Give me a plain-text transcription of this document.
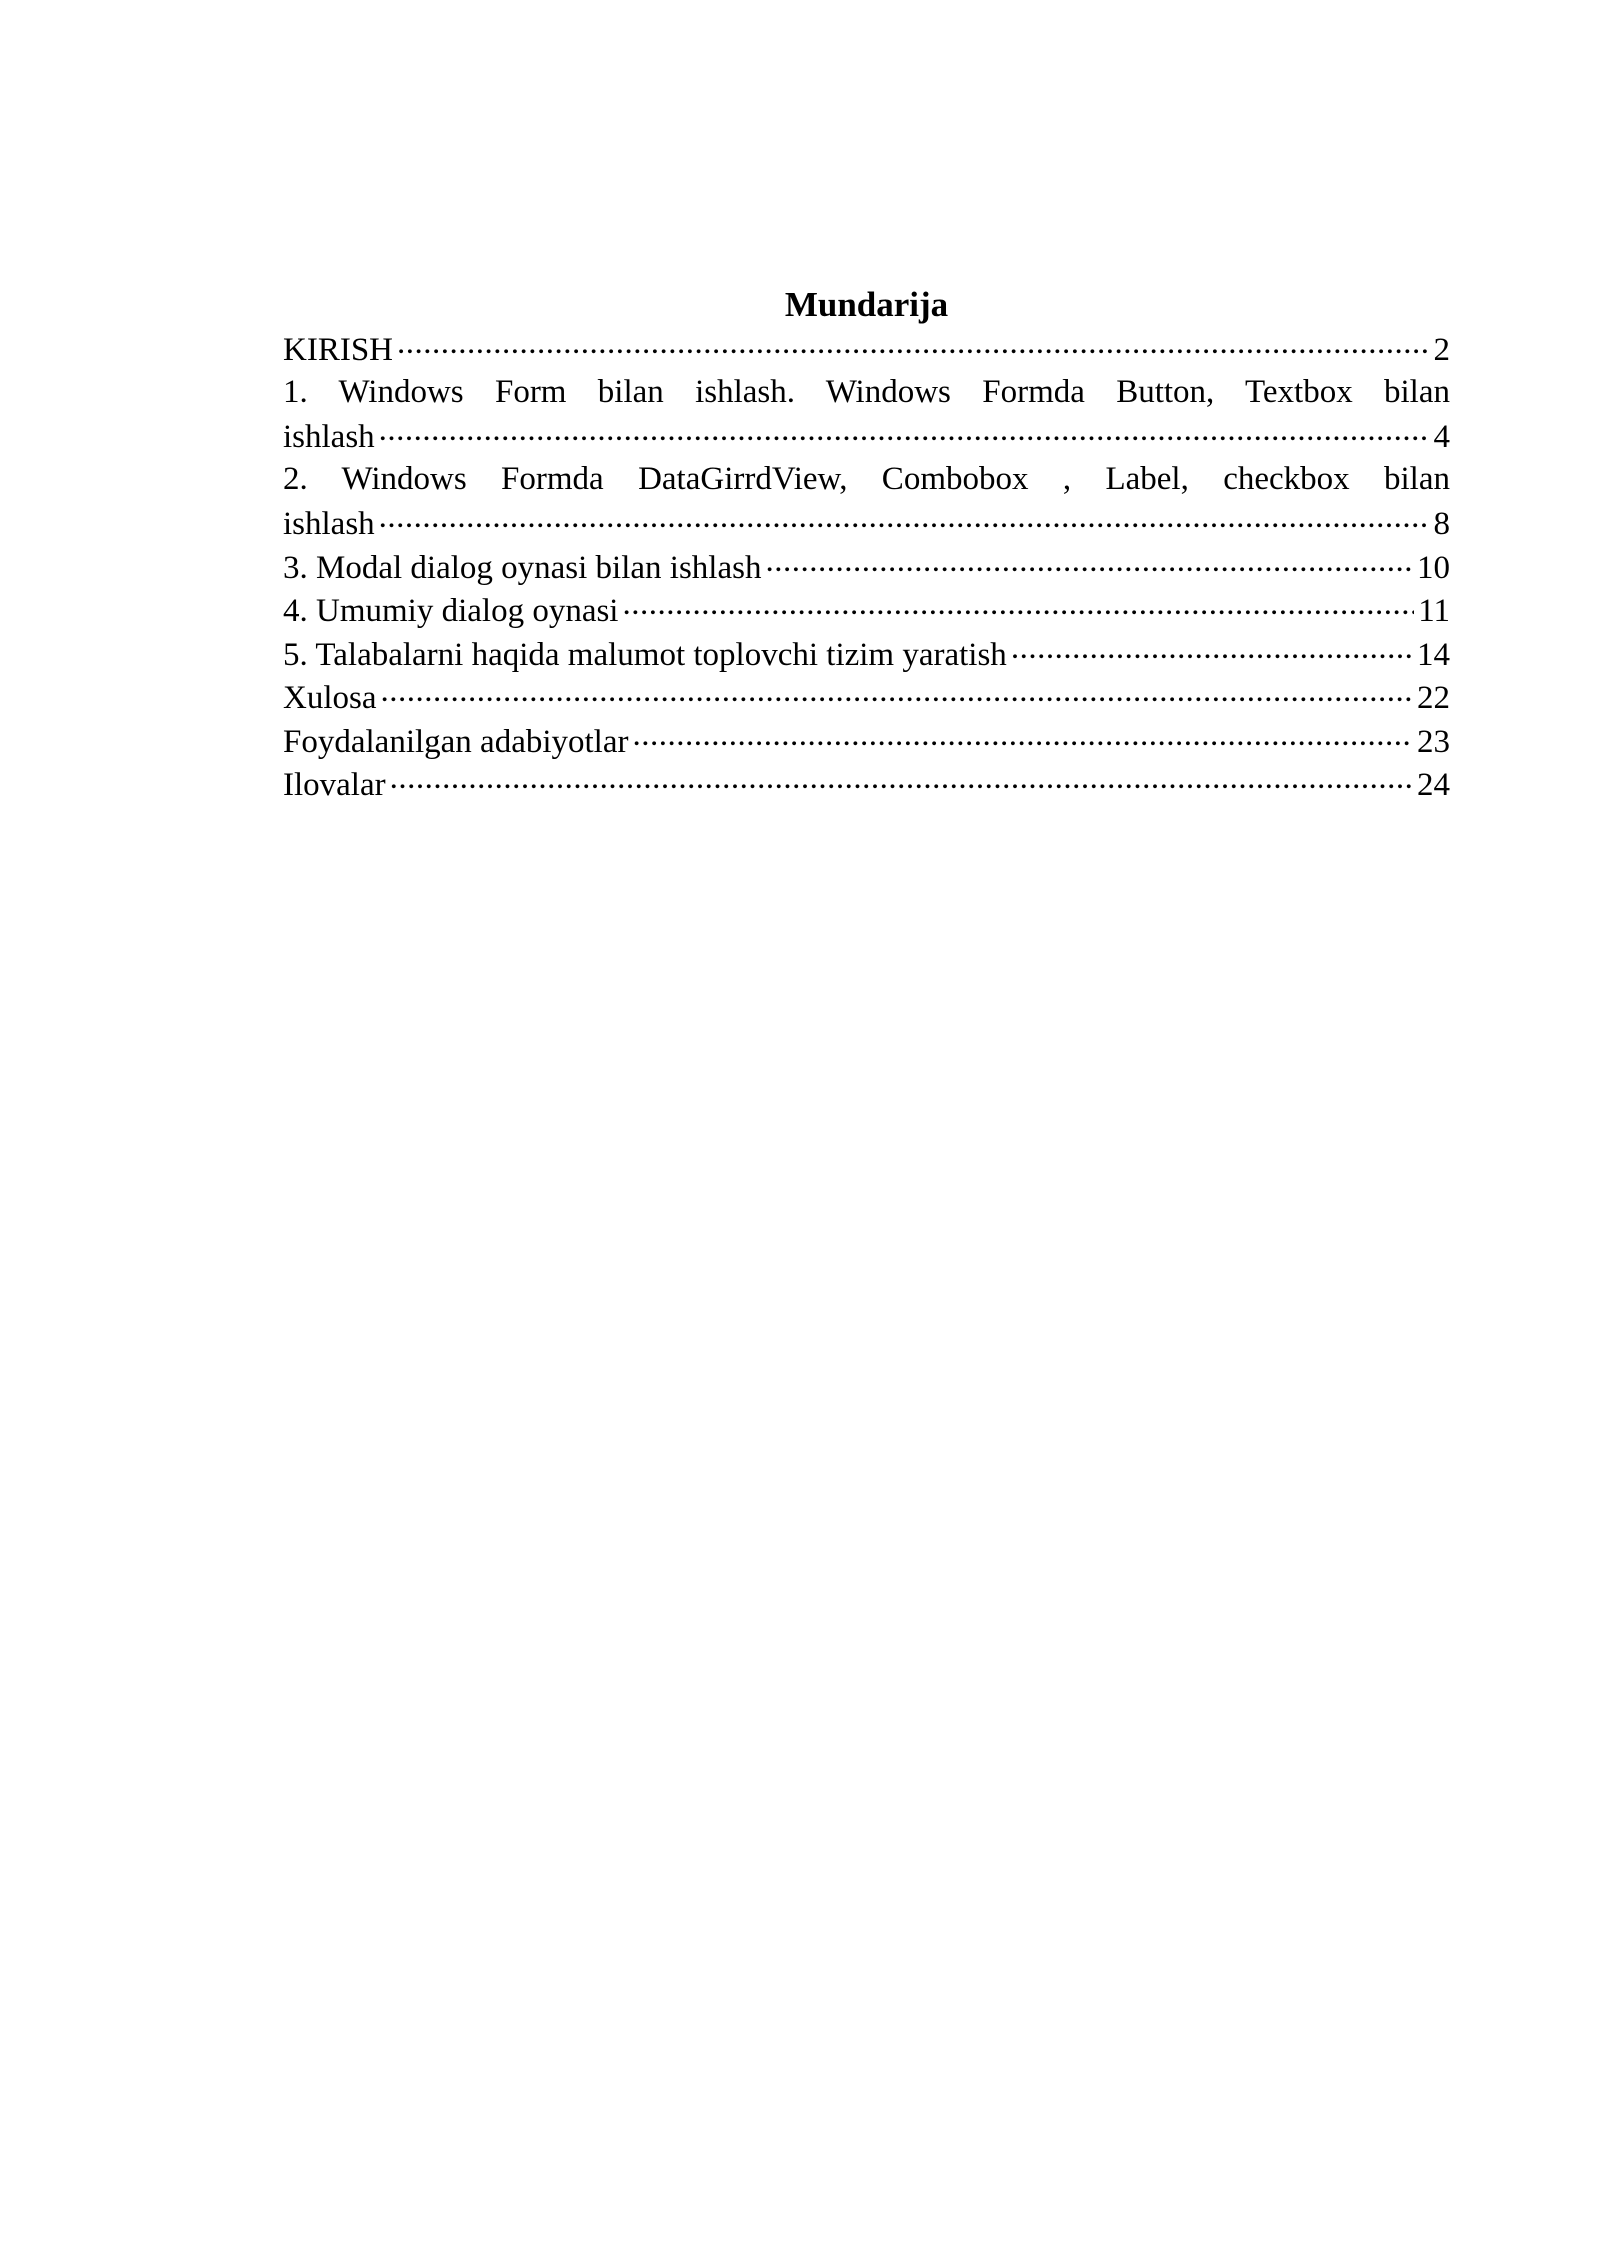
Mundarija
KIRISH .....	2
1. Windows Form bilan ishlash. Windows Formda Button, Textbox bilan
ishlash .....	4
2. Windows Formda DataGirrdView, Combobox , Label, checkbox bilan
ishlash .....	8
3. Modal dialog oynasi bilan ishlash .....	10
4. Umumiy dialog oynasi .....	11
5. Talabalarni haqida malumot toplovchi tizim yaratish .....	14
Xulosa .....	22
Foydalanilgan adabiyotlar .....	23
Ilovalar .....	24
